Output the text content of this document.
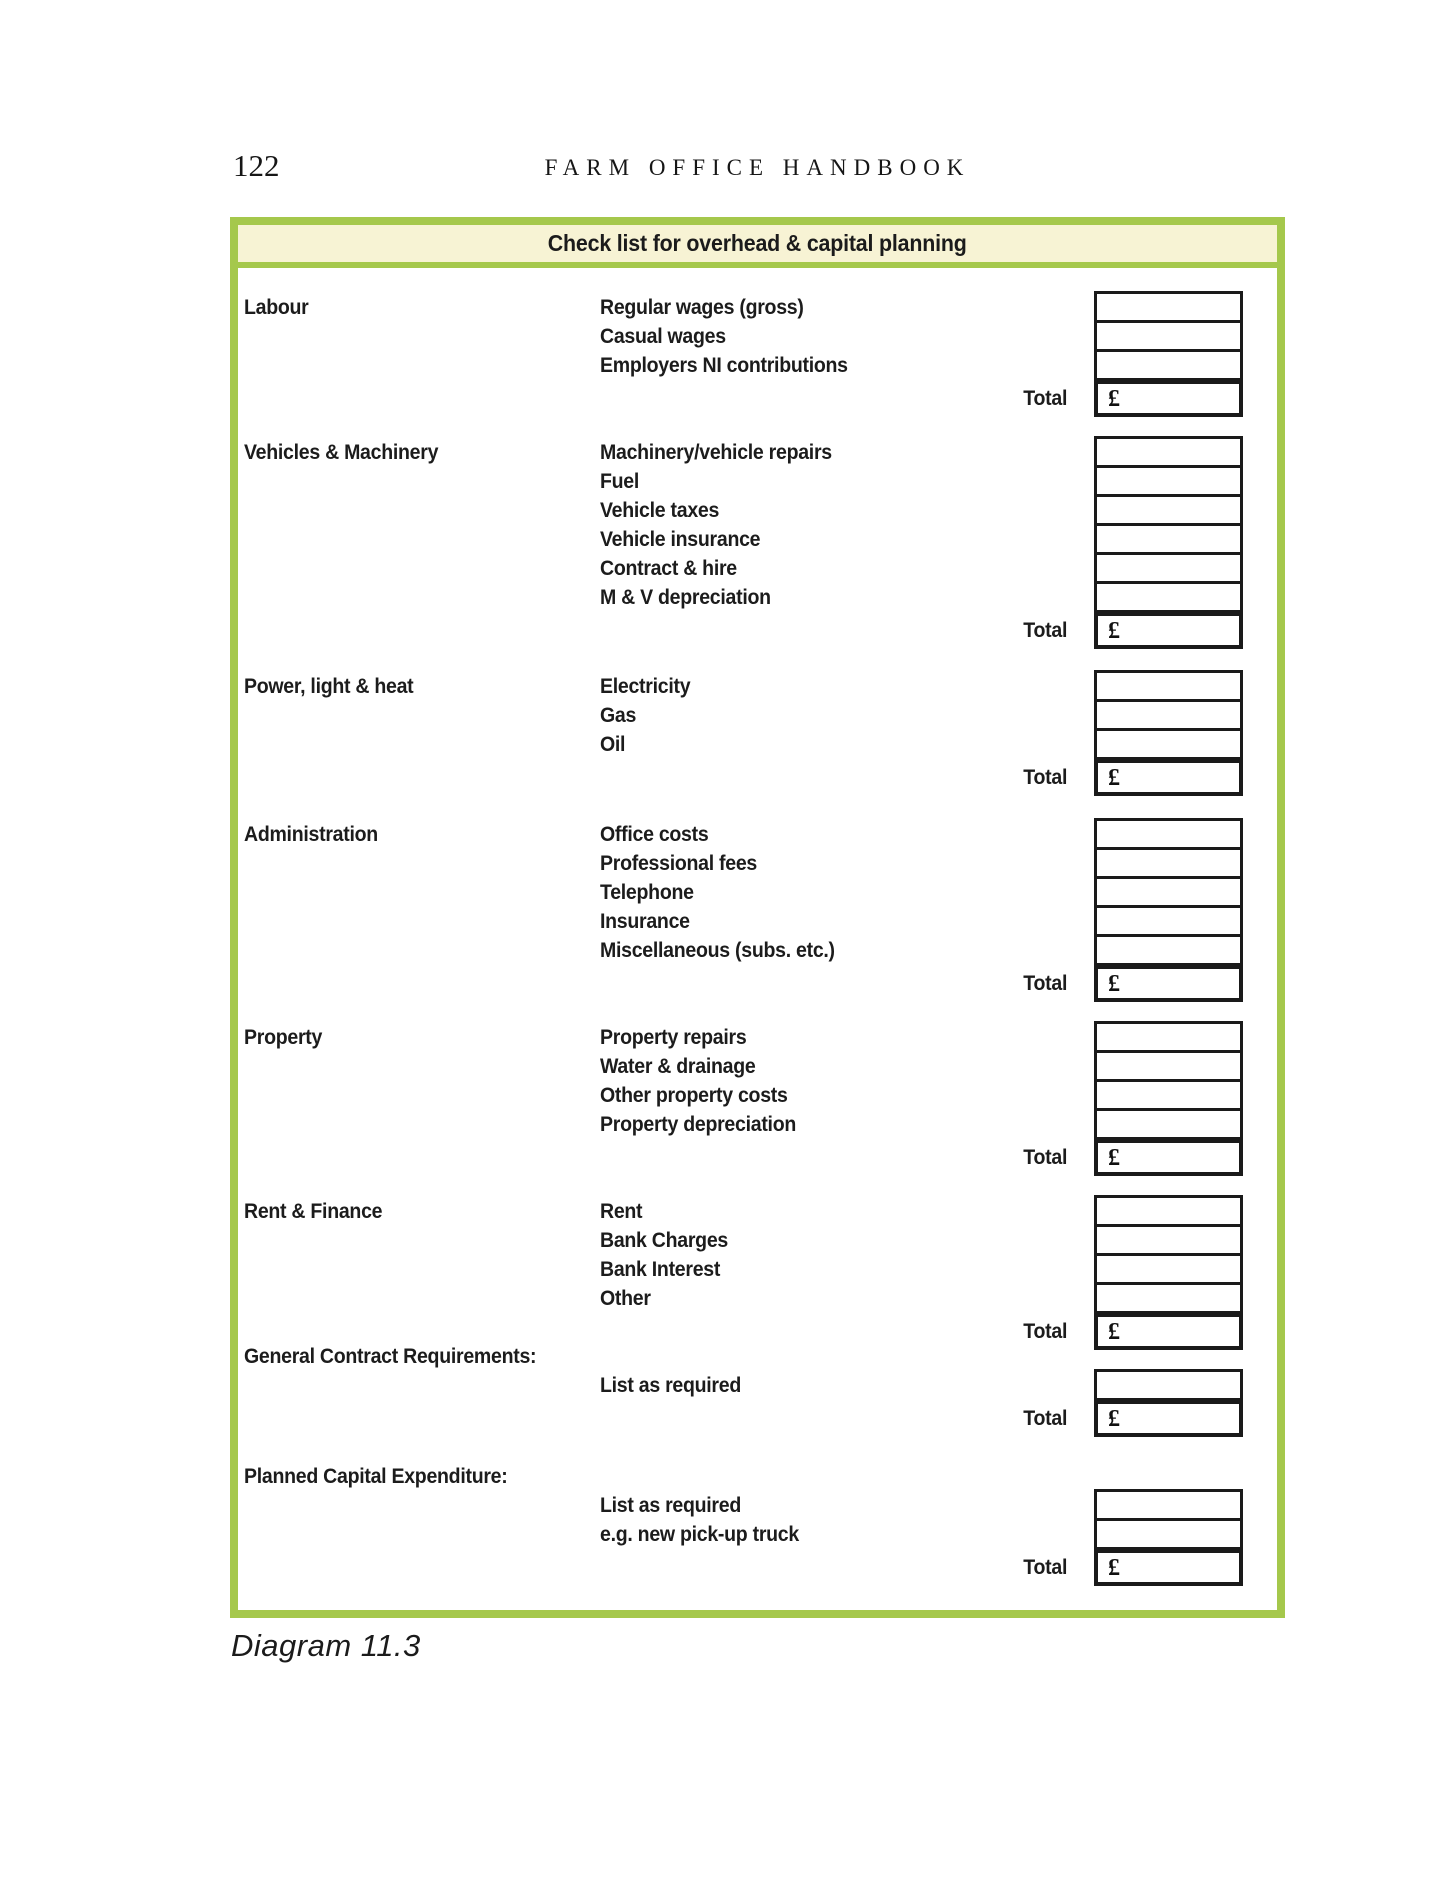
122	FARM OFFICE HANDBOOK
Check list for overhead & capital planning
Labour	Regular wages (gross)
Casual wages
Employers NI contributions
Total	£
Vehicles & Machinery	Machinery/vehicle repairs
Fuel
Vehicle taxes
Vehicle insurance
Contract & hire
M & V depreciation
Total	£
Power, light & heat	Electricity
Gas
Oil
Total	£
Administration	Office costs
Professional fees
Telephone
Insurance
Miscellaneous (subs. etc.)
Total	£
Property	Property repairs
Water & drainage
Other property costs
Property depreciation
Total	£
Rent & Finance	Rent
Bank Charges
Bank Interest
Other
Total	£
General Contract Requirements:
List as required
Total	£
Planned Capital Expenditure:
List as required
e.g. new pick-up truck
Total	£
Diagram 11.3
